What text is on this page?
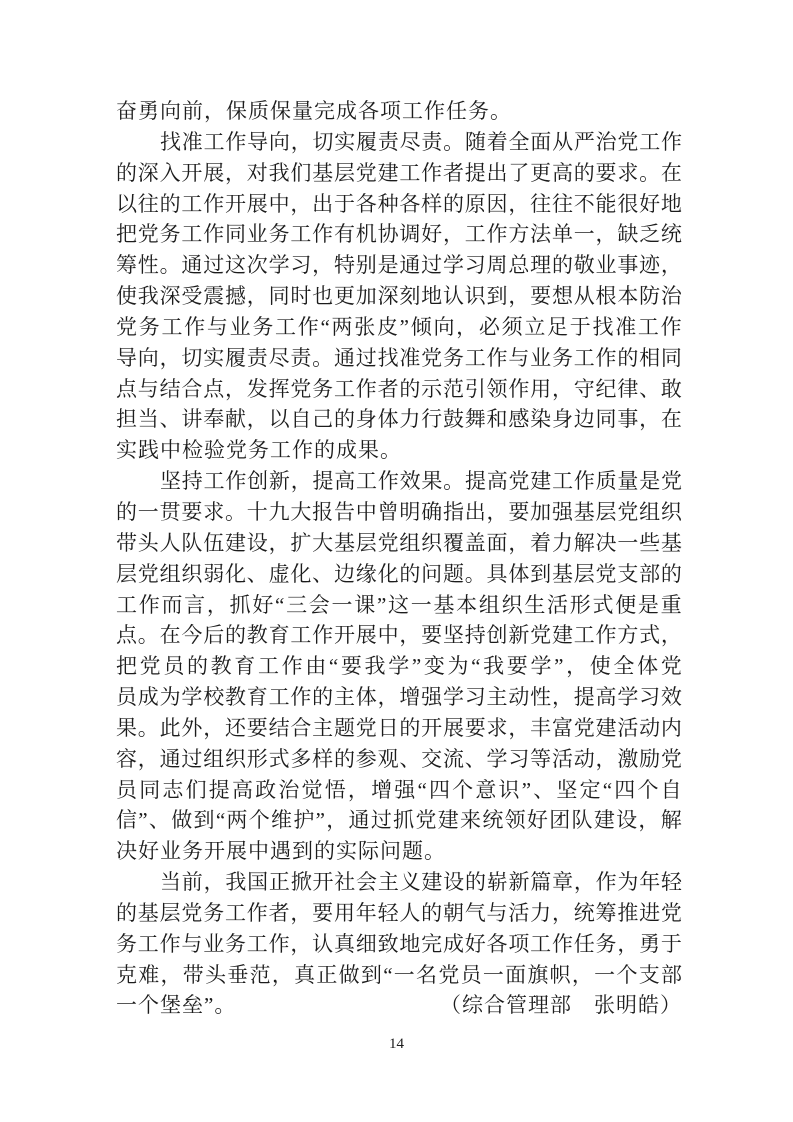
奋勇向前，保质保量完成各项工作任务。
找 准 工 作 导 向 ， 切 实 履 责 尽 责 。 随 着 全 面 从 严 治 党 工 作
的 深 入 开 展 ， 对 我 们 基 层 党 建 工 作 者 提 出 了 更 高 的 要 求 。 在
以 往 的 工 作 开 展 中 ， 出 于 各 种 各 样 的 原 因 ， 往 往 不 能 很 好 地
把 党 务 工 作 同 业 务 工 作 有 机 协 调 好 ， 工 作 方 法 单 一 ， 缺 乏 统
筹 性 。 通 过 这 次 学 习 ， 特 别 是 通 过 学 习 周 总 理 的 敬 业 事 迹 ，
使 我 深 受 震 撼 ， 同 时 也 更 加 深 刻 地 认 识 到 ， 要 想 从 根 本 防 治
党 务 工 作 与 业 务 工 作 “ 两 张 皮 ” 倾 向 ， 必 须 立 足 于 找 准 工 作
导 向 ， 切 实 履 责 尽 责 。 通 过 找 准 党 务 工 作 与 业 务 工 作 的 相 同
点 与 结 合 点 ， 发 挥 党 务 工 作 者 的 示 范 引 领 作 用 ， 守 纪 律 、 敢
担 当 、 讲 奉 献 ， 以 自 己 的 身 体 力 行 鼓 舞 和 感 染 身 边 同 事 ， 在
实践中检验党务工作的成果。
坚 持 工 作 创 新 ， 提 高 工 作 效 果 。 提 高 党 建 工 作 质 量 是 党
的 一 贯 要 求 。 十 九 大 报 告 中 曾 明 确 指 出 ， 要 加 强 基 层 党 组 织
带 头 人 队 伍 建 设 ， 扩 大 基 层 党 组 织 覆 盖 面 ， 着 力 解 决 一 些 基
层 党 组 织 弱 化 、 虚 化 、 边 缘 化 的 问 题 。 具 体 到 基 层 党 支 部 的
工 作 而 言 ， 抓 好 “ 三 会 一 课 ” 这 一 基 本 组 织 生 活 形 式 便 是 重
点 。 在 今 后 的 教 育 工 作 开 展 中 ， 要 坚 持 创 新 党 建 工 作 方 式 ，
把 党 员 的 教 育 工 作 由 “ 要 我 学 ” 变 为 “ 我 要 学 ” ， 使 全 体 党
员 成 为 学 校 教 育 工 作 的 主 体 ， 增 强 学 习 主 动 性 ， 提 高 学 习 效
果 。 此 外 ， 还 要 结 合 主 题 党 日 的 开 展 要 求 ， 丰 富 党 建 活 动 内
容 ， 通 过 组 织 形 式 多 样 的 参 观 、 交 流 、 学 习 等 活 动 ， 激 励 党
员 同 志 们 提 高 政 治 觉 悟 ， 增 强 “ 四 个 意 识 ” 、 坚 定 “ 四 个 自
信 ” 、 做 到 “ 两 个 维 护 ” ， 通 过 抓 党 建 来 统 领 好 团 队 建 设 ， 解
决好业务开展中遇到的实际问题。
当 前 ， 我 国 正 掀 开 社 会 主 义 建 设 的 崭 新 篇 章 ， 作 为 年 轻
的 基 层 党 务 工 作 者 ， 要 用 年 轻 人 的 朝 气 与 活 力 ， 统 筹 推 进 党
务 工 作 与 业 务 工 作 ， 认 真 细 致 地 完 成 好 各 项 工 作 任 务 ， 勇 于
克 难 ， 带 头 垂 范 ， 真 正 做 到 “ 一 名 党 员 一 面 旗 帜 ， 一 个 支 部
一个堡垒”。	（综合管理部　张明皓）
14
